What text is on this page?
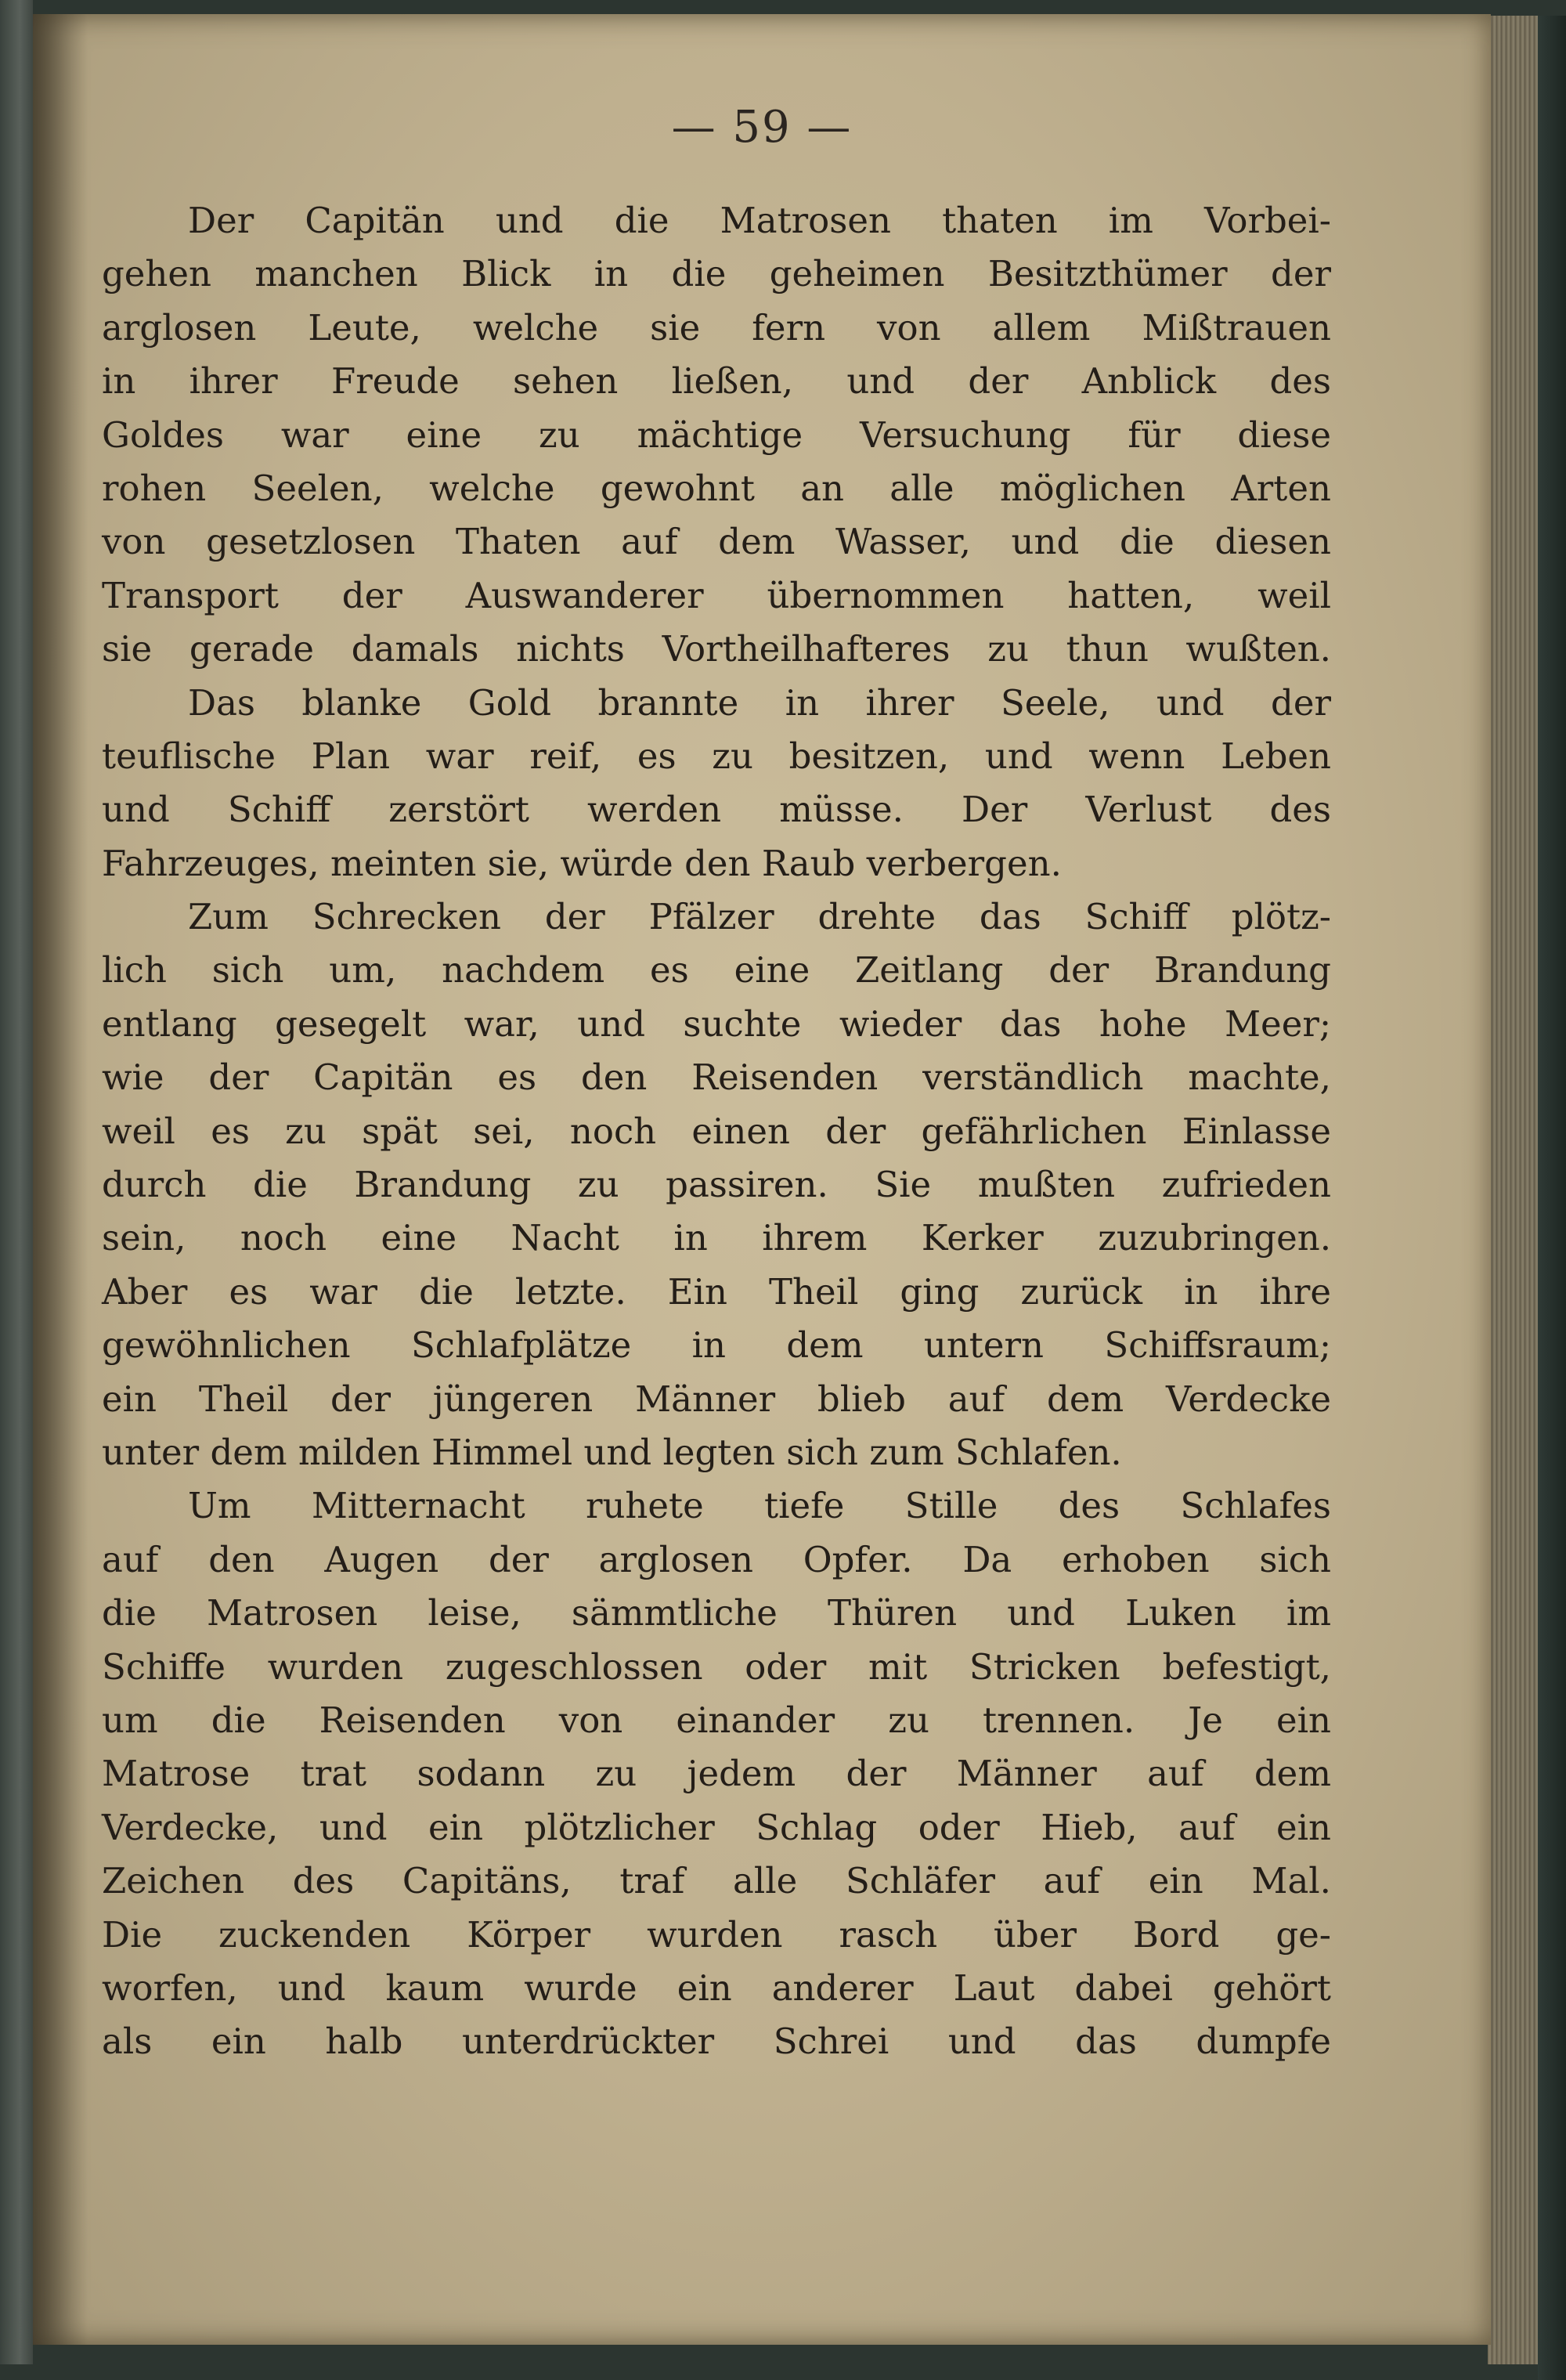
— 59 —
Der Capitän und die Matrosen thaten im Vorbei-
gehen manchen Blick in die geheimen Besitzthümer der
arglosen Leute, welche sie fern von allem Mißtrauen
in ihrer Freude sehen ließen, und der Anblick des
Goldes war eine zu mächtige Versuchung für diese
rohen Seelen, welche gewohnt an alle möglichen Arten
von gesetzlosen Thaten auf dem Wasser, und die diesen
Transport der Auswanderer übernommen hatten, weil
sie gerade damals nichts Vortheilhafteres zu thun wußten.
Das blanke Gold brannte in ihrer Seele, und der
teuflische Plan war reif, es zu besitzen, und wenn Leben
und Schiff zerstört werden müsse. Der Verlust des
Fahrzeuges, meinten sie, würde den Raub verbergen.
Zum Schrecken der Pfälzer drehte das Schiff plötz-
lich sich um, nachdem es eine Zeitlang der Brandung
entlang gesegelt war, und suchte wieder das hohe Meer;
wie der Capitän es den Reisenden verständlich machte,
weil es zu spät sei, noch einen der gefährlichen Einlasse
durch die Brandung zu passiren. Sie mußten zufrieden
sein, noch eine Nacht in ihrem Kerker zuzubringen.
Aber es war die letzte. Ein Theil ging zurück in ihre
gewöhnlichen Schlafplätze in dem untern Schiffsraum;
ein Theil der jüngeren Männer blieb auf dem Verdecke
unter dem milden Himmel und legten sich zum Schlafen.
Um Mitternacht ruhete tiefe Stille des Schlafes
auf den Augen der arglosen Opfer. Da erhoben sich
die Matrosen leise, sämmtliche Thüren und Luken im
Schiffe wurden zugeschlossen oder mit Stricken befestigt,
um die Reisenden von einander zu trennen. Je ein
Matrose trat sodann zu jedem der Männer auf dem
Verdecke, und ein plötzlicher Schlag oder Hieb, auf ein
Zeichen des Capitäns, traf alle Schläfer auf ein Mal.
Die zuckenden Körper wurden rasch über Bord ge-
worfen, und kaum wurde ein anderer Laut dabei gehört
als ein halb unterdrückter Schrei und das dumpfe
